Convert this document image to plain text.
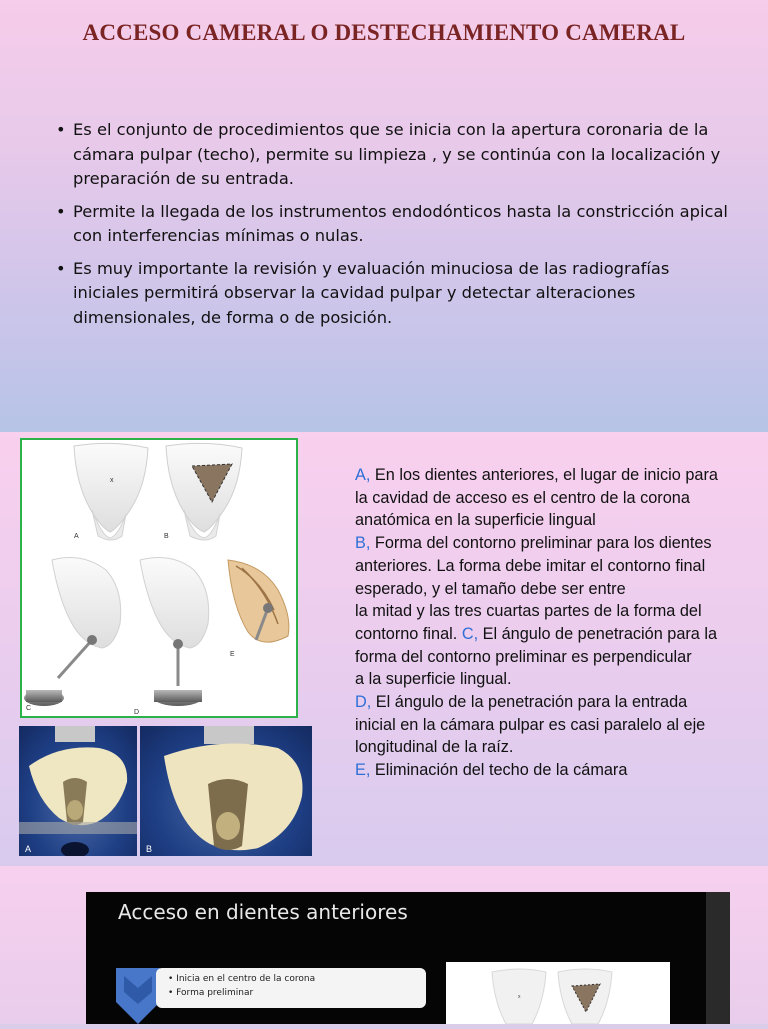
ACCESO CAMERAL O DESTECHAMIENTO CAMERAL
• Es el conjunto de procedimientos que se inicia con la apertura coronaria de la cámara pulpar (techo), permite su limpieza , y se continúa con la localización y preparación de su entrada.
• Permite la llegada de los instrumentos endodónticos hasta la constricción apical con interferencias mínimas o nulas.
• Es muy importante la revisión y evaluación minuciosa de las radiografías iniciales permitirá observar la cavidad pulpar y detectar alteraciones dimensionales, de forma o de posición.
x
A	B
C
D
E
A	B
A, En los dientes anteriores, el lugar de inicio para la cavidad de acceso es el centro de la corona anatómica en la superficie lingual
B, Forma del contorno preliminar para los dientes anteriores. La forma debe imitar el contorno final esperado, y el tamaño debe ser entre
la mitad y las tres cuartas partes de la forma del contorno final. C, El ángulo de penetración para la forma del contorno preliminar es perpendicular
a la superficie lingual.
D, El ángulo de la penetración para la entrada inicial en la cámara pulpar es casi paralelo al eje longitudinal de la raíz.
E, Eliminación del techo de la cámara
Acceso en dientes anteriores
• Inicia en el centro de la corona
• Forma preliminar	x
